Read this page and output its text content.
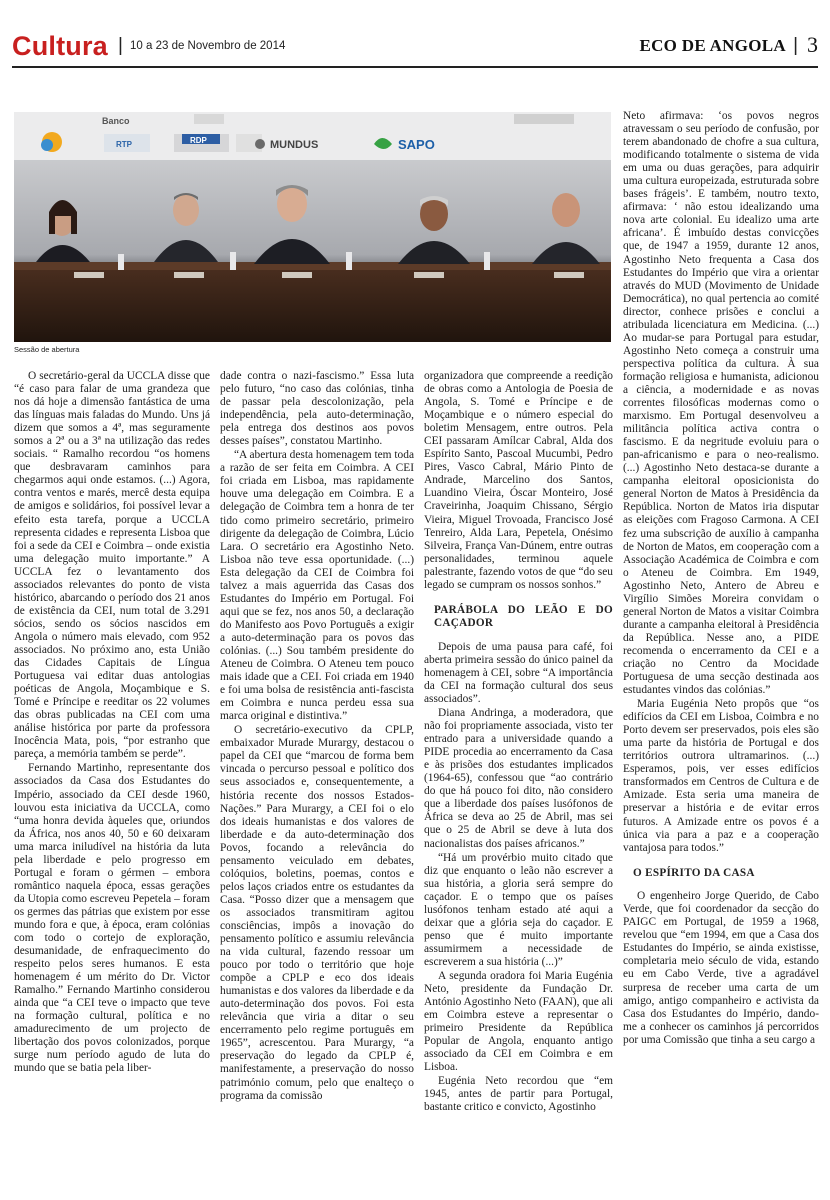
Cultura | 10 a 23 de Novembro de 2014	ECO DE ANGOLA | 3
Banco
RTP	RDP	MUNDUS	SAPO
Sessão de abertura

O secretário-geral da UCCLA disse que “é caso para falar de uma grandeza que nos dá hoje a dimensão fantástica de uma das línguas mais faladas do Mundo. Uns já dizem que somos a 4ª, mas seguramente somos a 2ª ou a 3ª na utilização das redes sociais. “ Ramalho recordou “os homens que desbravaram caminhos para chegarmos aqui onde estamos. (...) Agora, contra ventos e marés, mercê desta equipa de amigos e solidários, foi possível levar a efeito esta tarefa, porque a UCCLA representa cidades e representa Lisboa que foi a sede da CEI e Coimbra – onde existia uma delegação muito importante.” A UCCLA fez o levantamento dos associados relevantes do ponto de vista histórico, abarcando o período dos 21 anos de existência da CEI, num total de 3.291 sócios, sendo os sócios nascidos em Angola o número mais elevado, com 952 associados. No próximo ano, esta União das Cidades Capitais de Língua Portuguesa vai editar duas antologias poéticas de Angola, Moçambique e S. Tomé e Príncipe e reeditar os 22 volumes das obras publicadas na CEI com uma análise histórica por parte da professora Inocência Mata, pois, “por estranho que pareça, a memória também se perde”.

Fernando Martinho, representante dos associados da Casa dos Estudantes do Império, associado da CEI desde 1960, louvou esta iniciativa da UCCLA, como “uma honra devida àqueles que, oriundos da África, nos anos 40, 50 e 60 deixaram uma marca iniludível na história da luta pela liberdade e pelo progresso em Portugal e foram o gérmen – embora romântico naquela época, essas gerações da Utopia como escreveu Pepetela – foram os germes das pátrias que existem por esse mundo fora e que, à época, eram colónias com todo o cortejo de exploração, desumanidade, de enfraquecimento do respeito pelos seres humanos. E esta homenagem é um mérito do Dr. Victor Ramalho.” Fernando Martinho considerou ainda que “a CEI teve o impacto que teve na formação cultural, política e no amadurecimento de um projecto de libertação dos povos colonizados, porque surge num período agudo de luta do mundo que se batia pela liber-

dade contra o nazi-fascismo.” Essa luta pelo futuro, “no caso das colónias, tinha de passar pela descolonização, pela independência, pela auto-determinação, pela entrega dos destinos aos povos desses países”, constatou Martinho.

“A abertura desta homenagem tem toda a razão de ser feita em Coimbra. A CEI foi criada em Lisboa, mas rapidamente houve uma delegação em Coimbra. E a delegação de Coimbra tem a honra de ter tido como primeiro secretário, primeiro dirigente da delegação de Coimbra, Lúcio Lara. O secretário era Agostinho Neto. Lisboa não teve essa oportunidade. (...) Esta delegação da CEI de Coimbra foi talvez a mais aguerrida das Casas dos Estudantes do Império em Portugal. Foi aqui que se fez, nos anos 50, a declaração do Manifesto aos Povo Português a exigir a auto-determinação para os povos das colónias. (...) Sou também presidente do Ateneu de Coimbra. O Ateneu tem pouco mais idade que a CEI. Foi criada em 1940 e foi uma bolsa de resistência anti-fascista em Coimbra e nunca perdeu essa sua marca original e distintiva.”

O secretário-executivo da CPLP, embaixador Murade Murargy, destacou o papel da CEI que “marcou de forma bem vincada o percurso pessoal e político dos seus associados e, consequentemente, a história recente dos nossos Estados-Nações.” Para Murargy, a CEI foi o elo dos ideais humanistas e dos valores de liberdade e da auto-determinação dos Povos, focando a relevância do pensamento veiculado em debates, colóquios, boletins, poemas, contos e pelos laços criados entre os estudantes da Casa. “Posso dizer que a mensagem que os associados transmitiram agitou consciências, impôs a inovação do pensamento político e assumiu relevância na vida cultural, fazendo ressoar um pouco por todo o território que hoje compõe a CPLP e eco dos ideais humanistas e dos valores da liberdade e da auto-determinação dos povos. Foi esta relevância que viria a ditar o seu encerramento pelo regime português em 1965”, acrescentou. Para Murargy, “a preservação do legado da CPLP é, manifestamente, a preservação do nosso património comum, pelo que enalteço o programa da comissão

organizadora que compreende a reedição de obras como a Antologia de Poesia de Angola, S. Tomé e Príncipe e de Moçambique e o número especial do boletim Mensagem, entre outros. Pela CEI passaram Amílcar Cabral, Alda dos Espírito Santo, Pascoal Mucumbi, Pedro Pires, Vasco Cabral, Mário Pinto de Andrade, Marcelino dos Santos, Luandino Vieira, Óscar Monteiro, José Craveirinha, Joaquim Chissano, Sérgio Vieira, Miguel Trovoada, Francisco José Tenreiro, Alda Lara, Pepetela, Onésimo Silveira, França Van-Dúnem, entre outras personalidades, terminou aquele palestrante, fazendo votos de que “do seu legado se cumpram os nossos sonhos.”

PARÁBOLA DO LEÃO E DO CAÇADOR

Depois de uma pausa para café, foi aberta primeira sessão do único painel da homenagem à CEI, sobre “A importância da CEI na formação cultural dos seus associados”.

Diana Andringa, a moderadora, que não foi propriamente associada, visto ter entrado para a universidade quando a PIDE procedia ao encerramento da Casa e às prisões dos estudantes implicados (1964-65), confessou que “ao contrário do que há pouco foi dito, não considero que a liberdade dos países lusófonos de África se deva ao 25 de Abril, mas sei que o 25 de Abril se deve à luta dos nacionalistas dos países africanos.”

“Há um provérbio muito citado que diz que enquanto o leão não escrever a sua história, a gloria será sempre do caçador. E o tempo que os países lusófonos tenham estado até aqui a deixar que a glória seja do caçador. E penso que é muito importante assumirmem a necessidade de escreverem a sua história (...)”

A segunda oradora foi Maria Eugénia Neto, presidente da Fundação Dr. António Agostinho Neto (FAAN), que ali em Coimbra esteve a representar o primeiro Presidente da República Popular de Angola, enquanto antigo associado da CEI em Coimbra e em Lisboa.

Eugénia Neto recordou que “em 1945, antes de partir para Portugal, bastante critico e convicto, Agostinho

Neto afirmava: ‘os povos negros atravessam o seu período de confusão, por terem abandonado de chofre a sua cultura, modificando totalmente o sistema de vida em uma ou duas gerações, para adquirir uma cultura europeizada, estruturada sobre bases frágeis’. E também, noutro texto, afirmava: ‘ não estou idealizando uma nova arte colonial. Eu idealizo uma arte africana’. É imbuído destas convicções que, de 1947 a 1959, durante 12 anos, Agostinho Neto frequenta a Casa dos Estudantes do Império que vira a orientar através do MUD (Movimento de Unidade Democrática), no qual pertencia ao comité director, conhece prisões e conclui a atribulada licenciatura em Medicina. (...) Ao mudar-se para Portugal para estudar, Agostinho Neto começa a construir uma perspectiva política da cultura. À sua formação religiosa e humanista, adicionou a ciência, a modernidade e as novas correntes filosóficas modernas como o marxismo. Em Portugal desenvolveu a militância política activa contra o fascismo. E da negritude evoluiu para o pan-africanismo e para o neo-realismo. (...) Agostinho Neto destaca-se durante a campanha eleitoral oposicionista do general Norton de Matos à Presidência da República. Norton de Matos iria disputar as eleições com Fragoso Carmona. A CEI fez uma subscrição de auxílio à campanha de Norton de Matos, em cooperação com a Associação Académica de Coimbra e com o Ateneu de Coimbra. Em 1949, Agostinho Neto, Antero de Abreu e Virgílio Simões Moreira convidam o general Norton de Matos a visitar Coimbra durante a campanha eleitoral à Presidência da República. Nesse ano, a PIDE recomenda o encerramento da CEI e a criação no Centro da Mocidade Portuguesa de uma secção destinada aos estudantes vindos das colónias.”

Maria Eugénia Neto propôs que “os edifícios da CEI em Lisboa, Coimbra e no Porto devem ser preservados, pois eles são uma parte da história de Portugal e dos territórios outrora ultramarinos. (...) Esperamos, pois, ver esses edifícios transformados em Centros de Cultura e de Amizade. Esta seria uma maneira de preservar a história e de evitar erros futuros. A Amizade entre os povos é a única via para a paz e a cooperação vantajosa para todos.”

O ESPÍRITO DA CASA

O engenheiro Jorge Querido, de Cabo Verde, que foi coordenador da secção do PAIGC em Portugal, de 1959 a 1968, revelou que “em 1994, em que a Casa dos Estudantes do Império, se ainda existisse, completaria meio século de vida, estando eu em Cabo Verde, tive a agradável surpresa de receber uma carta de um amigo, antigo companheiro e activista da Casa dos Estudantes do Império, dando-me a conhecer os caminhos já percorridos por uma Comissão que tinha a seu cargo a
